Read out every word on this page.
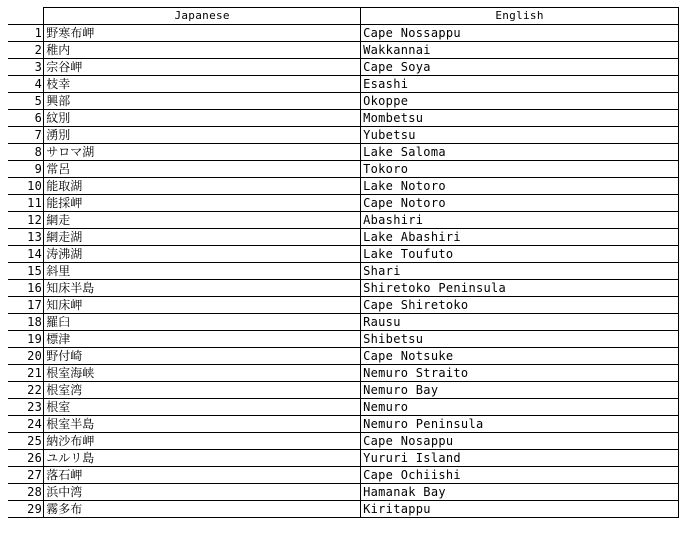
	Japanese	English
1	野寒布岬	Cape Nossappu
2	稚内	Wakkannai
3	宗谷岬	Cape Soya
4	枝幸	Esashi
5	興部	Okoppe
6	紋別	Mombetsu
7	湧別	Yubetsu
8	サロマ湖	Lake Saloma
9	常呂	Tokoro
10	能取湖	Lake Notoro
11	能採岬	Cape Notoro
12	網走	Abashiri
13	網走湖	Lake Abashiri
14	涛沸湖	Lake Toufuto
15	斜里	Shari
16	知床半島	Shiretoko Peninsula
17	知床岬	Cape Shiretoko
18	羅臼	Rausu
19	標津	Shibetsu
20	野付崎	Cape Notsuke
21	根室海峡	Nemuro Straito
22	根室湾	Nemuro Bay
23	根室	Nemuro
24	根室半島	Nemuro Peninsula
25	納沙布岬	Cape Nosappu
26	ユルリ島	Yururi Island
27	落石岬	Cape Ochiishi
28	浜中湾	Hamanak Bay
29	霧多布	Kiritappu
